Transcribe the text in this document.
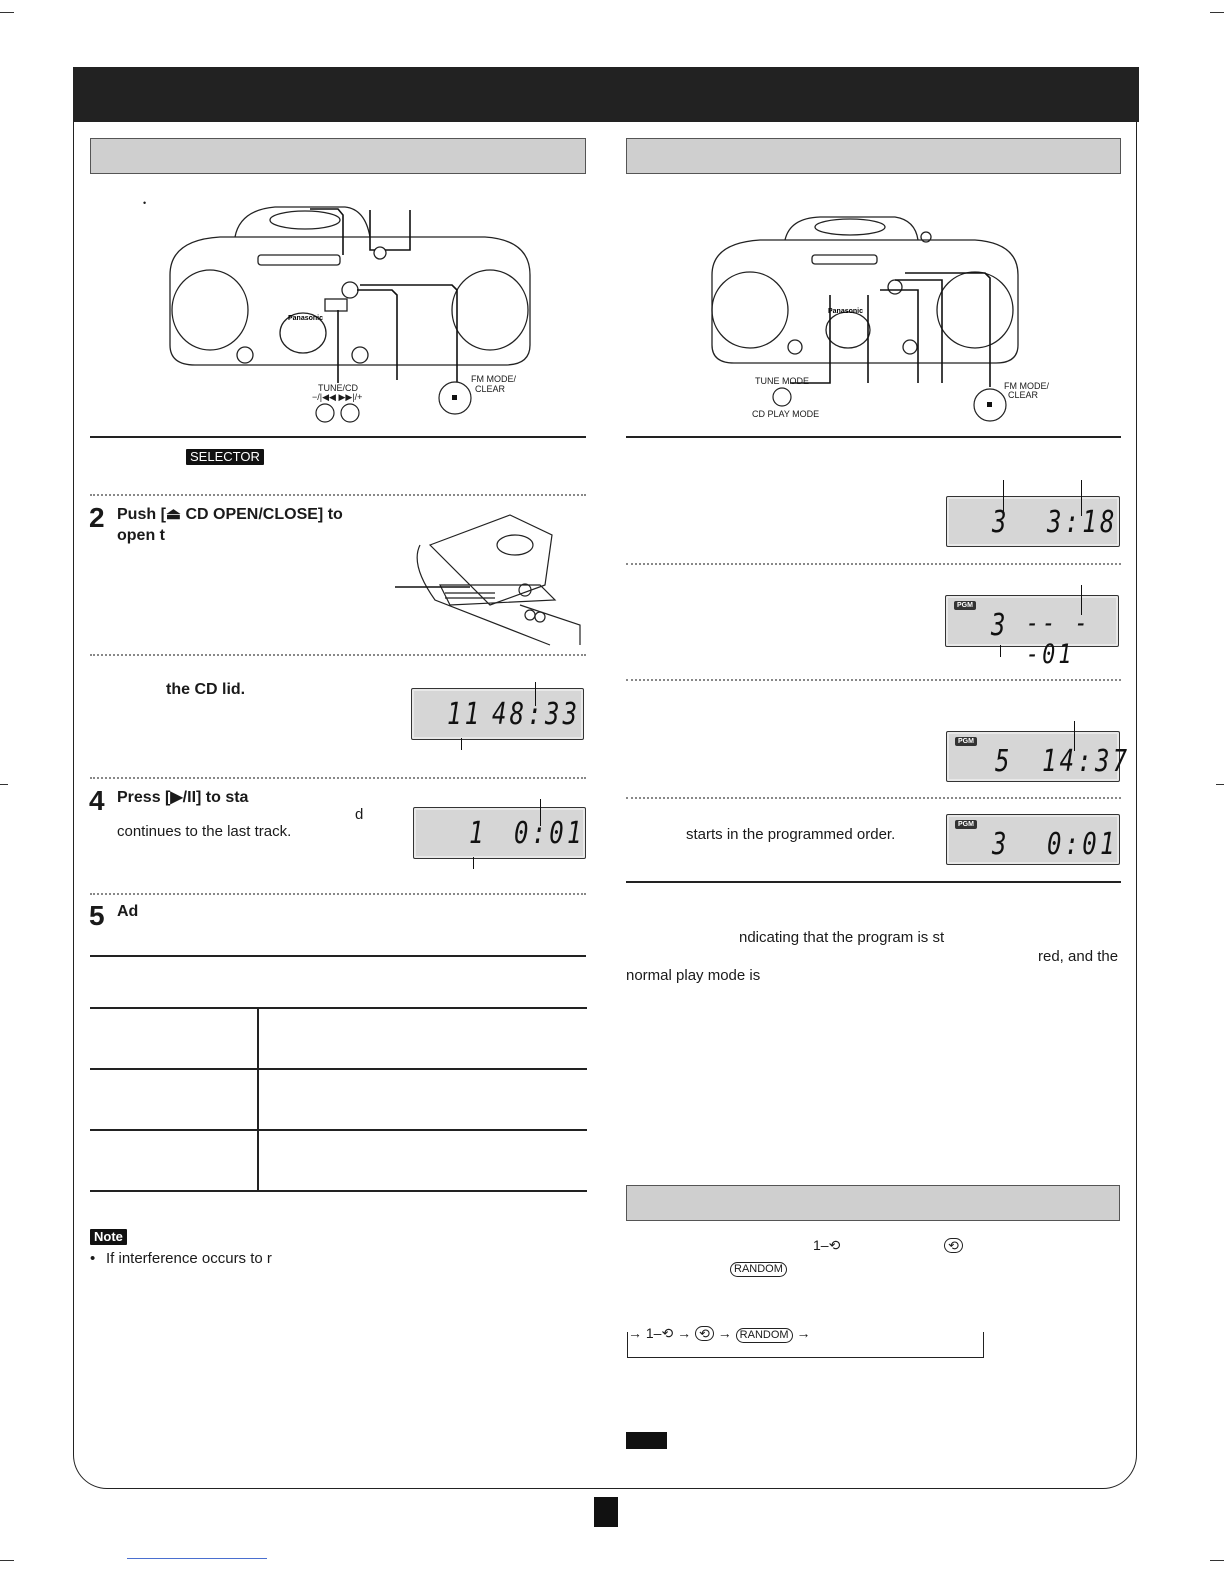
Panasonic
•
TUNE/CD
−/|◀◀ ▶▶|/+
FM MODE/
CLEAR
SELECTOR
2 Push [⏏ CD OPEN/CLOSE] to
open t
the CD lid.
11 48:33
4 Press [▶/II] to sta
d
continues to the last track.	1 0:01
5 Ad

Note
• If interference occurs to r
Panasonic
TUNE MODE
CD PLAY MODE
FM MODE/
CLEAR
3 3:18
PGM
3 -- --01
PGM
5 14:37
starts in the programmed order.
PGM
3 0:01
ndicating that the program is st
red, and the
normal play mode is
1–⟲	⟲
RANDOM
→ 1–⟲ → ⟲ → RANDOM →
